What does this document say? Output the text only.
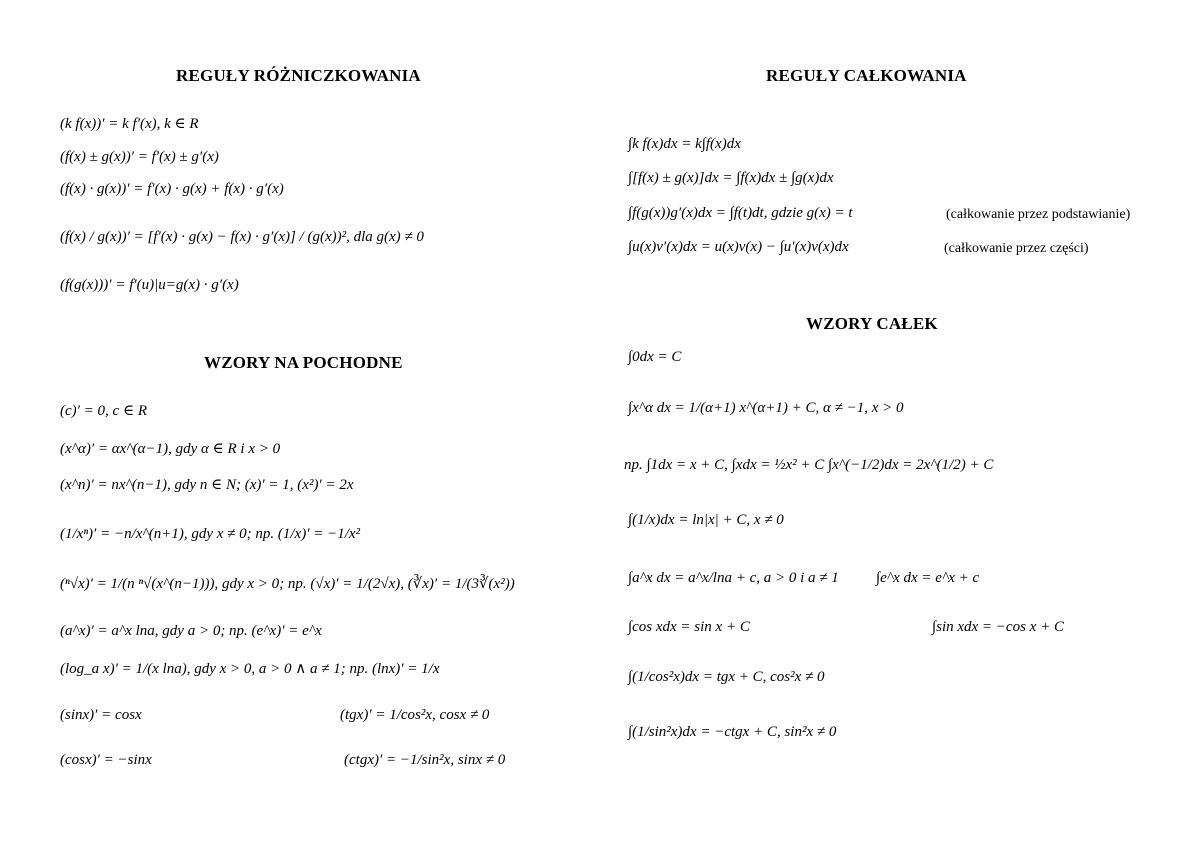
REGUŁY RÓŻNICZKOWANIA
(k f(x))′ = k f′(x), k ∈ R
(f(x) ± g(x))′ = f′(x) ± g′(x)
(f(x) · g(x))′ = f′(x) · g(x) + f(x) · g′(x)
(f(x) / g(x))′ = [f′(x) · g(x) − f(x) · g′(x)] / (g(x))², dla g(x) ≠ 0
(f(g(x)))′ = f′(u)|u=g(x) · g′(x)
WZORY NA POCHODNE
(c)′ = 0, c ∈ R
(x^α)′ = αx^(α−1), gdy α ∈ R i x > 0
(x^n)′ = nx^(n−1), gdy n ∈ N; (x)′ = 1, (x²)′ = 2x
(1/xⁿ)′ = −n/x^(n+1), gdy x ≠ 0; np. (1/x)′ = −1/x²
(ⁿ√x)′ = 1/(n ⁿ√(x^(n−1))), gdy x > 0; np. (√x)′ = 1/(2√x), (∛x)′ = 1/(3∛(x²))
(a^x)′ = a^x lna, gdy a > 0; np. (e^x)′ = e^x
(log_a x)′ = 1/(x lna), gdy x > 0, a > 0 ∧ a ≠ 1; np. (lnx)′ = 1/x
(sinx)′ = cosx	(tgx)′ = 1/cos²x, cosx ≠ 0
(cosx)′ = −sinx	(ctgx)′ = −1/sin²x, sinx ≠ 0
REGUŁY CAŁKOWANIA
∫k f(x)dx = k∫f(x)dx
∫[f(x) ± g(x)]dx = ∫f(x)dx ± ∫g(x)dx
∫f(g(x))g′(x)dx = ∫f(t)dt, gdzie g(x) = t	(całkowanie przez podstawianie)
∫u(x)v′(x)dx = u(x)v(x) − ∫u′(x)v(x)dx	(całkowanie przez części)
WZORY CAŁEK
∫0dx = C
∫x^α dx = 1/(α+1) x^(α+1) + C, α ≠ −1, x > 0
np. ∫1dx = x + C, ∫xdx = ½x² + C ∫x^(−1/2)dx = 2x^(1/2) + C
∫(1/x)dx = ln|x| + C, x ≠ 0
∫a^x dx = a^x/lna + c, a > 0 i a ≠ 1 ∫e^x dx = e^x + c
∫cos xdx = sin x + C	∫sin xdx = −cos x + C
∫(1/cos²x)dx = tgx + C, cos²x ≠ 0
∫(1/sin²x)dx = −ctgx + C, sin²x ≠ 0
